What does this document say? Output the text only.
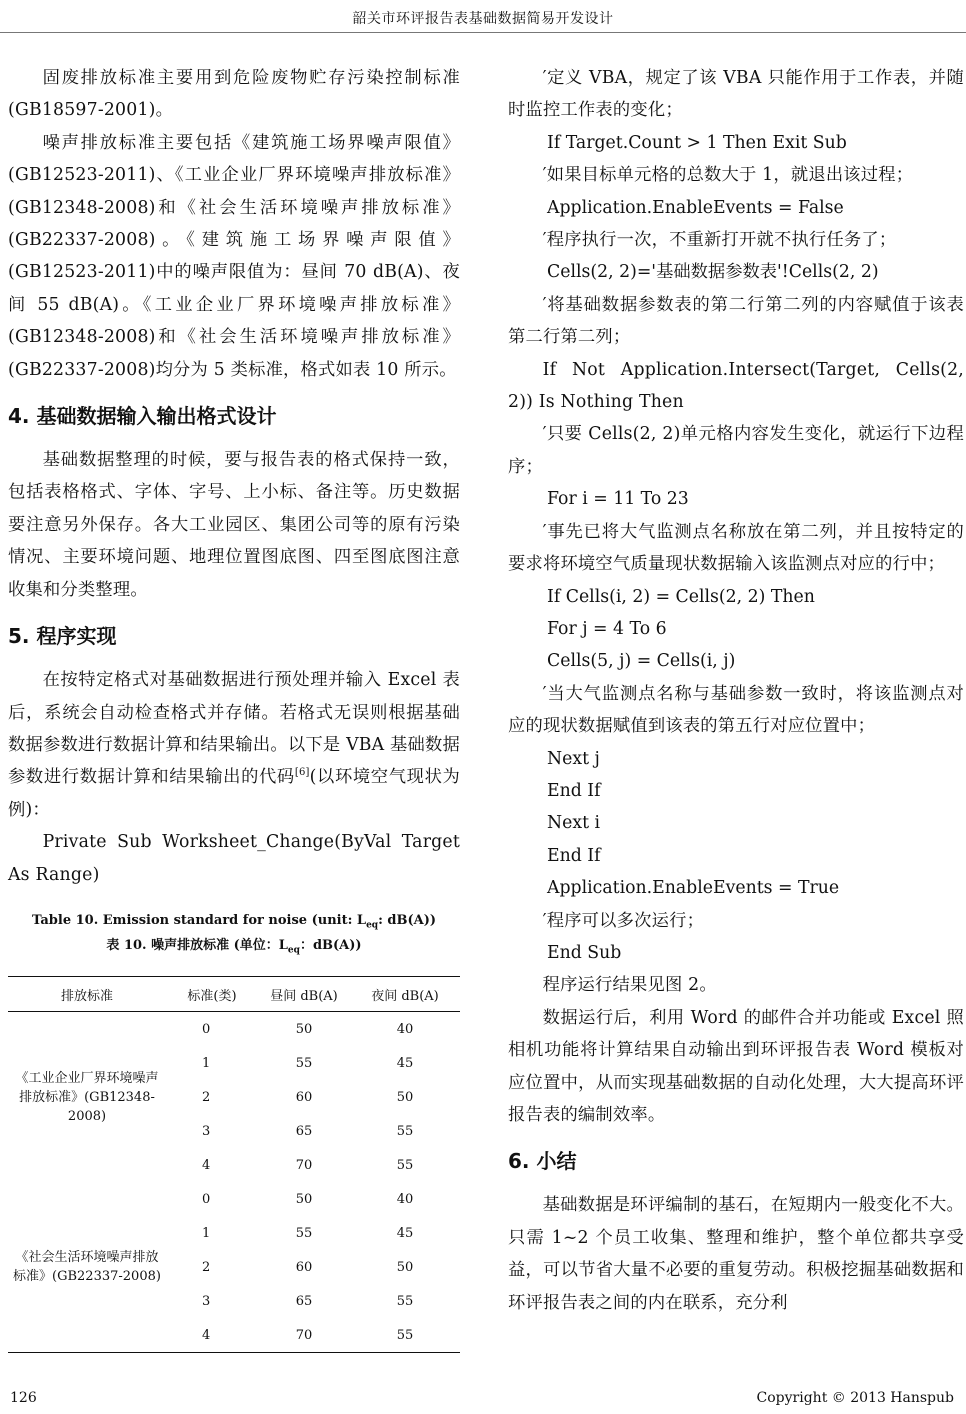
韶关市环评报告表基础数据简易开发设计

固废排放标准主要用到危险废物贮存污染控制标准(GB18597-2001)。

噪声排放标准主要包括《建筑施工场界噪声限值》(GB12523-2011)、《工业企业厂界环境噪声排放标准》(GB12348-2008)和《社会生活环境噪声排放标准》(GB22337-2008)。《建筑施工场界噪声限值》(GB12523-2011)中的噪声限值为：昼间 70 dB(A)、夜间 55 dB(A)。《工业企业厂界环境噪声排放标准》(GB12348-2008)和《社会生活环境噪声排放标准》(GB22337-2008)均分为 5 类标准，格式如表 10 所示。

4. 基础数据输入输出格式设计

基础数据整理的时候，要与报告表的格式保持一致，包括表格格式、字体、字号、上小标、备注等。历史数据要注意另外保存。各大工业园区、集团公司等的原有污染情况、主要环境问题、地理位置图底图、四至图底图注意收集和分类整理。

5. 程序实现

在按特定格式对基础数据进行预处理并输入 Excel 表后，系统会自动检查格式并存储。若格式无误则根据基础数据参数进行数据计算和结果输出。以下是 VBA 基础数据参数进行数据计算和结果输出的代码[6](以环境空气现状为例)：

Private Sub Worksheet_Change(ByVal Target As Range)

Table 10. Emission standard for noise (unit: $L_{eq}$: dB(A))
表 10. 噪声排放标准 (单位：$L_{eq}$：dB(A))
排放标准	标准(类)	昼间 dB(A)	夜间 dB(A)
《工业企业厂界环境噪声排放标准》(GB12348-2008)	0	50	40
	1	55	45
	2	60	50
	3	65	55
	4	70	55
《社会生活环境噪声排放标准》(GB22337-2008)	0	50	40
	1	55	45
	2	60	50
	3	65	55
	4	70	55

′定义 VBA，规定了该 VBA 只能作用于工作表，并随时监控工作表的变化；

If Target.Count > 1 Then Exit Sub

′如果目标单元格的总数大于 1，就退出该过程；

Application.EnableEvents = False

′程序执行一次，不重新打开就不执行任务了；

Cells(2, 2)='基础数据参数表'!Cells(2, 2)

′将基础数据参数表的第二行第二列的内容赋值于该表第二行第二列；

If Not Application.Intersect(Target, Cells(2, 2)) Is Nothing Then

′只要 Cells(2, 2)单元格内容发生变化，就运行下边程序；

For i = 11 To 23

′事先已将大气监测点名称放在第二列，并且按特定的要求将环境空气质量现状数据输入该监测点对应的行中；

If Cells(i, 2) = Cells(2, 2) Then

For j = 4 To 6

Cells(5, j) = Cells(i, j)

′当大气监测点名称与基础参数一致时，将该监测点对应的现状数据赋值到该表的第五行对应位置中；

Next j

End If

Next i

End If

Application.EnableEvents = True

′程序可以多次运行；

End Sub

程序运行结果见图 2。

数据运行后，利用 Word 的邮件合并功能或 Excel 照相机功能将计算结果自动输出到环评报告表 Word 模板对应位置中，从而实现基础数据的自动化处理，大大提高环评报告表的编制效率。

6. 小结

基础数据是环评编制的基石，在短期内一般变化不大。只需 1~2 个员工收集、整理和维护，整个单位都共享受益，可以节省大量不必要的重复劳动。积极挖掘基础数据和环评报告表之间的内在联系，充分利

126	Copyright © 2013 Hanspub
